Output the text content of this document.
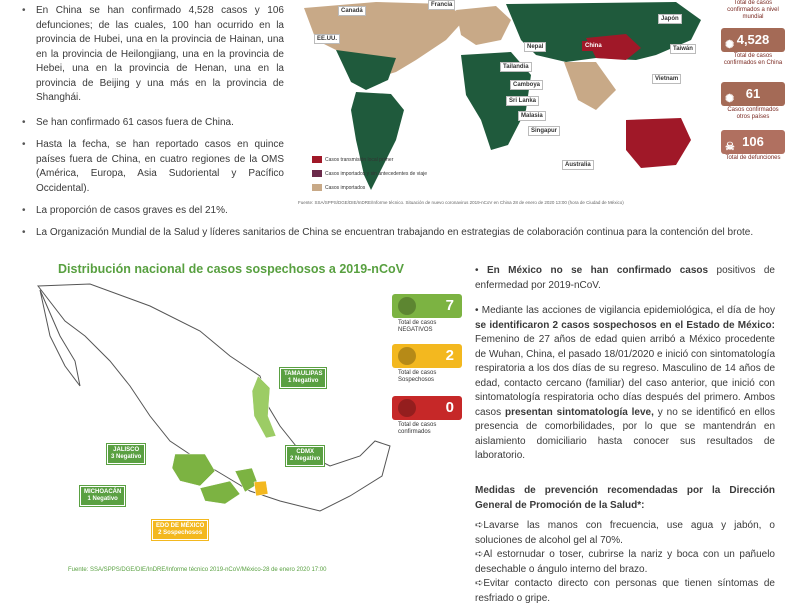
•	En China se han confirmado 4,528 casos y 106 defunciones; de las cuales, 100 han ocurrido en la provincia de Hubei, una en la provincia de Hainan, una en la provincia de Heilongjiang, una en la provincia de Hebei, una en la provincia de Henan, una en la provincia de Beijing y una más en la provincia de Shanghái.
•	Se han confirmado 61 casos fuera de China.
•	Hasta la fecha, se han reportado casos en quince países fuera de China, en cuatro regiones de la OMS (América, Europa, Asia Sudoriental y Pacífico Occidental).
•	La proporción de casos graves es del 21%.
•	La Organización Mundial de la Salud y líderes sanitarios de China se encuentran trabajando en estrategias de colaboración continua para la contención del brote.
Canadá
Francia
EE.UU.
Japón
Nepal	China	Taiwán
Tailandia
Vietnam
Camboya
Sri Lanka
Malasia
Singapur
Australia
Casos transmisión local primer
Casos importados y sin antecedentes de viaje
Casos importados
Fuente: SSA/SPPS/DGE/DIE/InDRE/Informe técnico. Situación de nuevo coronavirus 2019-nCoV en China 28 de enero de 2020 13:00 (hora de Ciudad de México)
Total de casos confirmados a nivel mundial
✺ 4,528
Total de casos confirmados en China
✺ 61
Casos confirmados otros países
☠ 106
Total de defunciones
Distribución nacional de casos sospechosos a 2019-nCoV
TAMAULIPAS
1 Negativo
JALISCO
3 Negativo
CDMX
2 Negativo
MICHOACÁN
1 Negativo
EDO DE MÉXICO
2 Sospechosos
7
Total de casos NEGATIVOS
2
Total de casos Sospechosos
0
Total de casos confirmados
Fuente: SSA/SPPS/DGE/DIE/InDRE/Informe técnico 2019-nCoV/México-28 de enero 2020 17:00
• En México no se han confirmado casos positivos de enfermedad por 2019-nCoV.
• Mediante las acciones de vigilancia epidemiológica, el día de hoy se identificaron 2 casos sospechosos en el Estado de México: Femenino de 27 años de edad quien arribó a México procedente de Wuhan, China, el pasado 18/01/2020 e inició con sintomatología respiratoria a los dos días de su regreso. Masculino de 14 años de edad, contacto cercano (familiar) del caso anterior, que inició con sintomatología respiratoria ocho días después del primero. Ambos casos presentan sintomatología leve, y no se identificó en ellos presencia de comorbilidades, por lo que se mantendrán en aislamiento domiciliario hasta conocer sus resultados de laboratorio.
Medidas de prevención recomendadas por la Dirección General de Promoción de la Salud*:
➪Lavarse las manos con frecuencia, use agua y jabón, o soluciones de alcohol gel al 70%.
➪Al estornudar o toser, cubrirse la nariz y boca con un pañuelo desechable o ángulo interno del brazo.
➪Evitar contacto directo con personas que tienen síntomas de resfriado o gripe.
